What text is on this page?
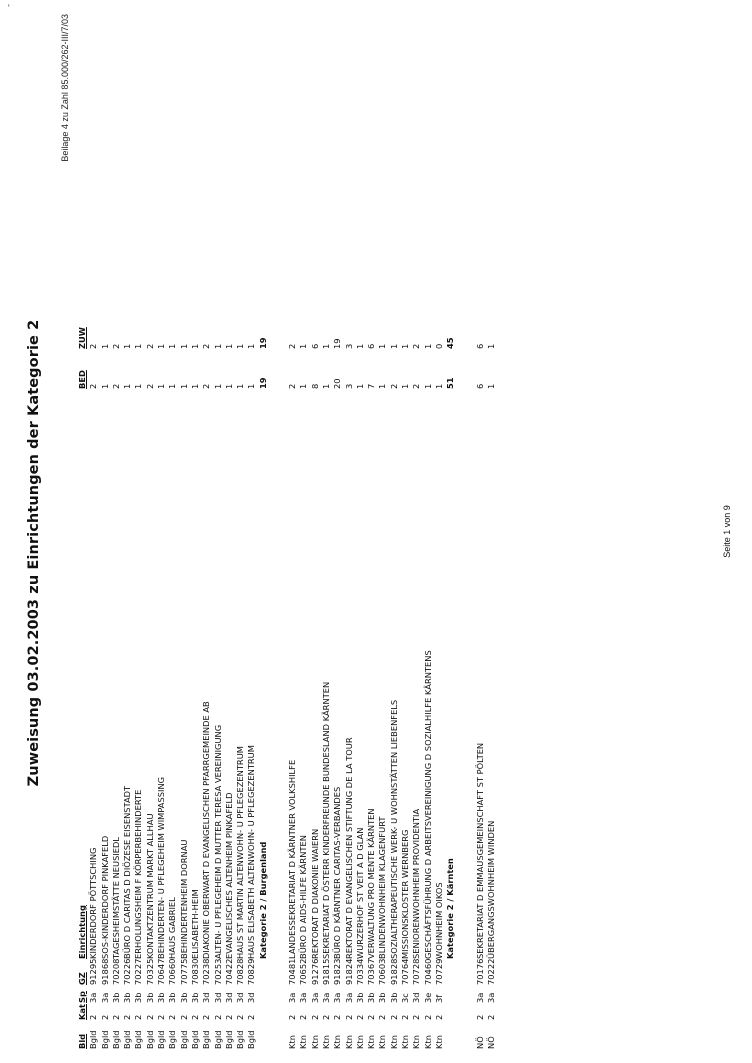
-
Zuweisung 03.02.2003 zu Einrichtungen der Kategorie 2
Beilage 4 zu Zahl 85.000/262-III/7/03
Bld
Kat
Sp
GZ
Einrichtung
BED
ZUW
Bgld
2
3a
91295
KINDERDORF PÖTTSCHING
2
2
Bgld
2
3a
91868
SOS-KINDERDORF PINKAFELD
1
1
Bgld
2
3b
70208
TAGESHEIMSTÄTTE NEUSIEDL
2
2
Bgld
2
3b
70226
BÜRO D CARITAS D DIÖZESE EISENSTADT
1
1
Bgld
2
3b
70227
ERHOLUNGSHEIM F KÖRPERBEHINDERTE
1
1
Bgld
2
3b
70325
KONTAKTZENTRUM MARKT ALLHAU
2
2
Bgld
2
3b
70647
BEHINDERTEN- U PFLEGEHEIM WIMPASSING
1
1
Bgld
2
3b
70660
HAUS GABRIEL
1
1
Bgld
2
3b
70775
BEHINDERTENHEIM DORNAU
1
1
Bgld
2
3b
70830
ELISABETH-HEIM
1
1
Bgld
2
3d
70238
DIAKONIE OBERWART D EVANGELISCHEN PFARRGEMEINDE AB
2
2
Bgld
2
3d
70253
ALTEN- U PFLEGEHEIM D MUTTER TERESA VEREINIGUNG
1
1
Bgld
2
3d
70422
EVANGELISCHES ALTENHEIM PINKAFELD
1
1
Bgld
2
3d
70828
HAUS ST MARTIN ALTENWOHN- U PFLEGEZENTRUM
1
1
Bgld
2
3d
70829
HAUS ELISABETH ALTENWOHN- U PFLEGEZENTRUM
1
1
Kategorie 2 / Burgenland
19
19
Ktn
2
3a
70481
LANDESSEKRETARIAT D KÄRNTNER VOLKSHILFE
2
2
Ktn
2
3a
70652
BÜRO D AIDS-HILFE KÄRNTEN
1
1
Ktn
2
3a
91276
REKTORAT D DIAKONIE WAIERN
8
6
Ktn
2
3a
91815
SEKRETARIAT D ÖSTERR KINDERFREUNDE BUNDESLAND KÄRNTEN
1
1
Ktn
2
3a
91823
BÜRO D KÄRNTNER CARITAS-VERBANDES
20
19
Ktn
2
3a
91824
REKTORAT D EVANGELISCHEN STIFTUNG DE LA TOUR
3
3
Ktn
2
3b
70334
WURZERHOF ST VEIT A D GLAN
1
1
Ktn
2
3b
70367
VERWALTUNG PRO MENTE KÄRNTEN
7
6
Ktn
2
3b
70603
BLINDENWOHNHEIM KLAGENFURT
1
1
Ktn
2
3b
91828
SOZIALTHERAPEUTISCHE WERK- U WOHNSTÄTTEN LIEBENFELS
2
1
Ktn
2
3c
70764
MISSIONSKLOSTER WERNBERG
1
1
Ktn
2
3d
70728
SENIORENWOHNHEIM PROVIDENTIA
2
2
Ktn
2
3e
70460
GESCHÄFTSFÜHRUNG D ARBEITSVEREINIGUNG D SOZIALHILFE KÄRNTENS
1
1
Ktn
2
3f
70729
WOHNHEIM OIKOS
1
0
Kategorie 2 / Kärnten
51
45
NÖ
2
3a
70176
SEKRETARIAT D EMMAUSGEMEINSCHAFT ST PÖLTEN
6
6
NÖ
2
3a
70222
ÜBERGANGSWOHNHEIM WINDEN
1
1
Seite 1 von 9
